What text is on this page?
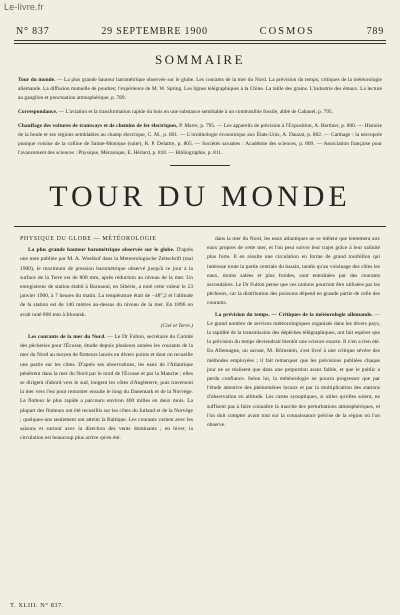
Le-livre.fr
N° 837	29 SEPTEMBRE 1900	COSMOS	789
SOMMAIRE

Tour du monde. — La plus grande hauteur barométrique observée sur le globe. Les courants de la mer du Nord. La prévision du temps; critiques de la météorologie allemande. La diffusion mutuelle de poudres; l'expérience de M. W. Spring. Les lignes télégraphiques à la Chine. La taille des grains. L'industrie des émaux. La lecture au ganglion et ponctuation atmosphérique, p. 789.

Correspondance. — L'aviation et la transformation rapide du bois en une substance semblable à un combustible fossile, abbé de Cabanel, p. 795.

Chauffage des voitures de tramways et de chemins de fer électriques, P. Marre, p. 795. — Les appareils de précision à l'Exposition, A. Berthier, p. 800. — Histoire de la boule et ses régions semblables au champ électrique, C. M., p. 801. — L'ornithologie économique aux États-Unis, A. Dauzat, p. 802. — Carthage : la nécropole punique voisine de la colline de Sainte-Monique (suite), R. P. Delattre, p. 805. — Sociétés savantes : Académie des sciences, p. 809. — Association française pour l'avancement des sciences : Physique, Mécanique, E. Hériard, p. 810. — Bibliographie, p. 811.

TOUR DU MONDE

PHYSIQUE DU GLOBE — MÉTÉOROLOGIE

La plus grande hauteur barométrique observée sur le globe. D'après une note publiée par M. A. Woeikof dans la Meteorologische Zeitschrift (mai 1900), le maximum de pression barométrique observé jusqu'à ce jour à la surface de la Terre est de 808 mm, après réduction au niveau de la mer. Un enregistreur de station établi à Barnaoul, en Sibérie, a noté cette valeur le 23 janvier 1900, à 7 heures du matin. La température était de −48°,2 et l'altitude de la station est de 140 mètres au-dessus du niveau de la mer. En 1896 on avait noté 800 mm à Irkoutsk.

(Ciel et Terre.)

Les courants de la mer du Nord. — Le Dr Fulton, secrétaire du Comité des pêcheries pour l'Écosse, étudie depuis plusieurs années les courants de la mer du Nord au moyen de flotteurs lancés en divers points et dont on recueille une partie sur les côtes. D'après ses observations, les eaux de l'Atlantique pénètrent dans la mer du Nord par le nord de l'Écosse et par la Manche ; elles se dirigent d'abord vers le sud, longent les côtes d'Angleterre, puis traversent la mer vers l'est pour remonter ensuite le long du Danemark et de la Norvège. Le flotteur le plus rapide a parcouru environ 400 milles en deux mois. La plupart des flotteurs ont été recueillis sur les côtes du Jutland et de la Norvège ; quelques-uns seulement ont atteint la Baltique. Les courants varient avec les saisons et surtout avec la direction des vents dominants ; en hiver, la circulation est beaucoup plus active qu'en été.

dans la mer du Nord, les eaux atlantiques ne se mêlent que lentement aux eaux propres de cette mer, et l'on peut suivre leur trajet grâce à leur salinité plus forte. Il en résulte une circulation en forme de grand tourbillon qui intéresse toute la partie centrale du bassin, tandis qu'au voisinage des côtes les eaux, moins salées et plus froides, sont entraînées par des courants secondaires. Le Dr Fulton pense que ces notions pourront être utilisées par les pêcheurs, car la distribution des poissons dépend en grande partie de celle des courants.

La prévision du temps. — Critiques de la météorologie allemande. — Le grand nombre de services météorologiques organisés dans les divers pays, la rapidité de la transmission des dépêches télégraphiques, ont fait espérer que la prévision du temps deviendrait bientôt une science exacte. Il n'en a rien été. En Allemagne, un savant, M. Börnstein, s'est livré à une critique sévère des méthodes employées ; il fait remarquer que les prévisions publiées chaque jour ne se réalisent que dans une proportion assez faible, et que le public a perdu confiance. Selon lui, la météorologie ne pourra progresser que par l'étude attentive des phénomènes locaux et par la multiplication des stations d'observation en altitude. Les cartes synoptiques, si utiles qu'elles soient, ne suffisent pas à faire connaître la marche des perturbations atmosphériques, et l'on doit compter avant tout sur la connaissance précise de la région où l'on observe.

T. XLIII. N° 837.
